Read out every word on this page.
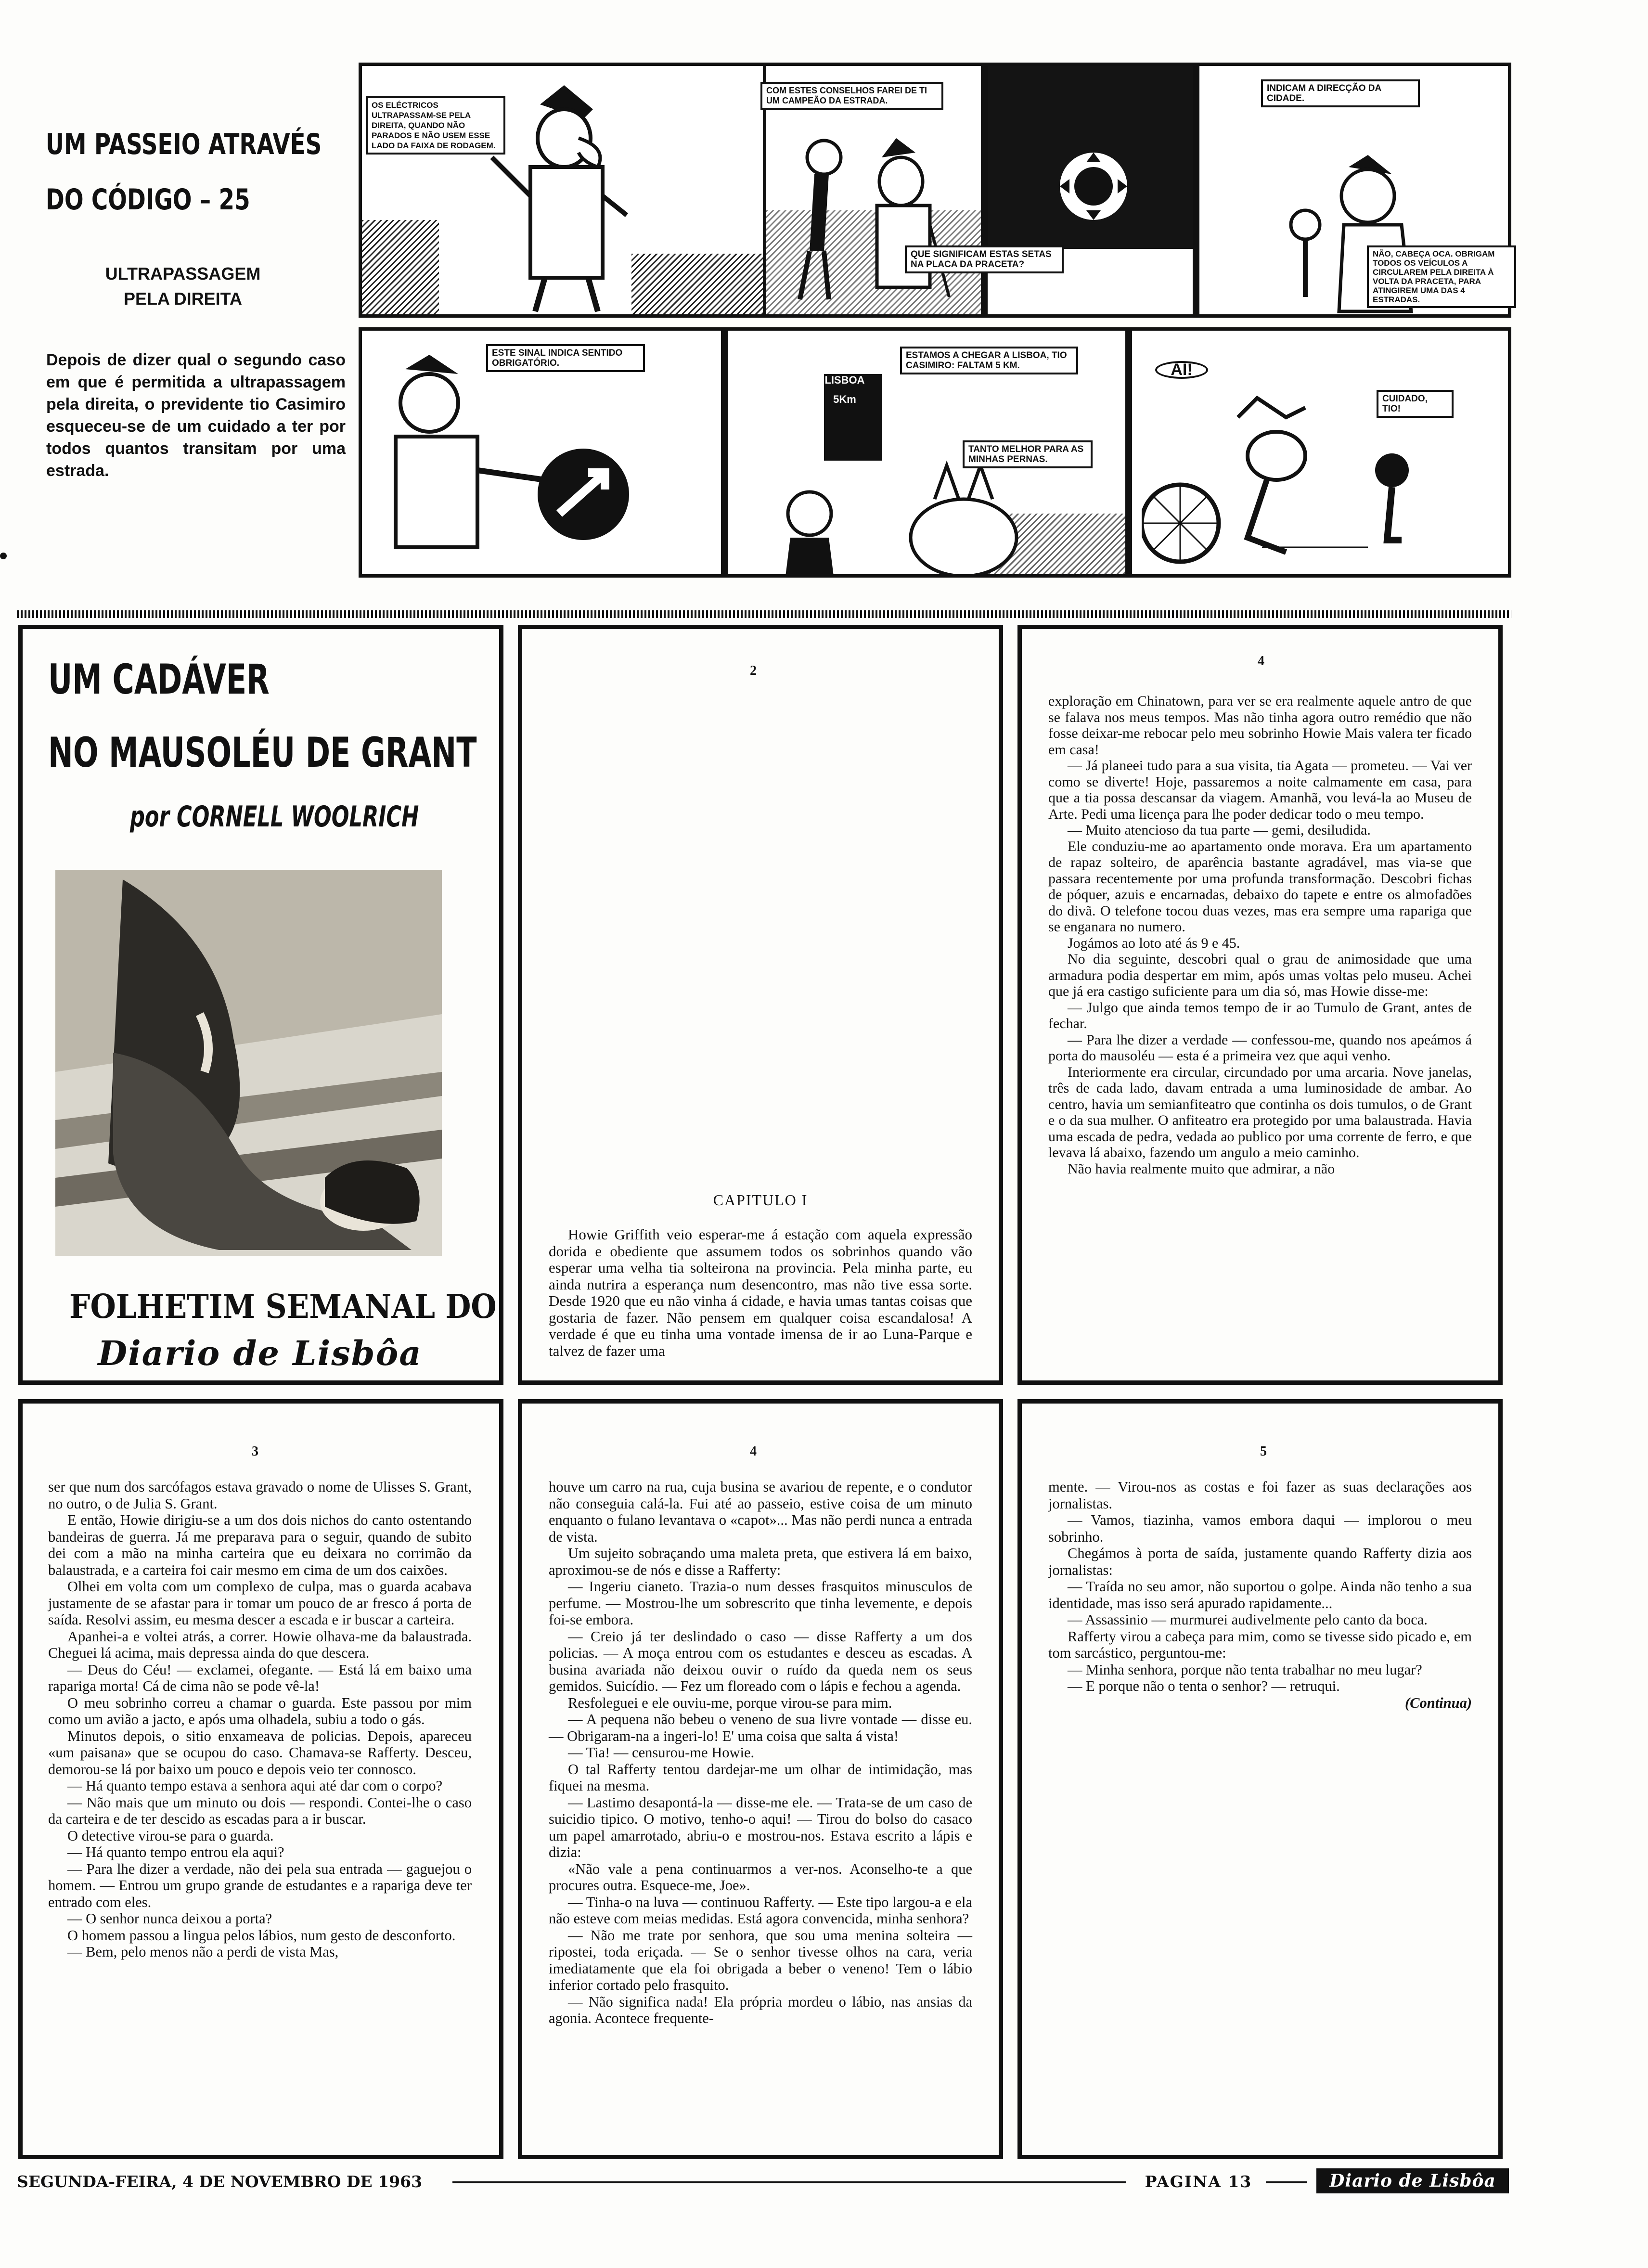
UM PASSEIO ATRAVÉS
DO CÓDIGO – 25
ULTRAPASSAGEM
PELA DIREITA
Depois de dizer qual o segundo caso em que é permitida a ultrapassagem pela direita, o previdente tio Casimiro esqueceu-se de um cuidado a ter por todos quantos transitam por uma estrada.
OS ELÉCTRICOS ULTRAPASSAM-SE PELA DIREITA, QUANDO NÃO PARADOS E NÃO USEM ESSE LADO DA FAIXA DE RODAGEM.
COM ESTES CONSELHOS FAREI DE TI UM CAMPEÃO DA ESTRADA.
QUE SIGNIFICAM ESTAS SETAS NA PLACA DA PRACETA?
INDICAM A DIRECÇÃO DA CIDADE.
NÃO, CABEÇA OCA. OBRIGAM TODOS OS VEÍCULOS A CIRCULAREM PELA DIREITA À VOLTA DA PRACETA, PARA ATINGIREM UMA DAS 4 ESTRADAS.
ESTE SINAL INDICA SENTIDO OBRIGATÓRIO.
LISBOA 5Km
ESTAMOS A CHEGAR A LISBOA, TIO CASIMIRO: FALTAM 5 KM.
TANTO MELHOR PARA AS MINHAS PERNAS.
AI!
CUIDADO, TIO!
UM CADÁVER
NO MAUSOLÉU DE GRANT
por CORNELL WOOLRICH
FOLHETIM SEMANAL DO
Diario de Lisbôa
2
CAPITULO I

Howie Griffith veio esperar-me á estação com aquela expressão dorida e obediente que assumem todos os sobrinhos quando vão esperar uma velha tia solteirona na provincia. Pela minha parte, eu ainda nutrira a esperança num desencontro, mas não tive essa sorte. Desde 1920 que eu não vinha á cidade, e havia umas tantas coisas que gostaria de fazer. Não pensem em qualquer coisa escandalosa! A verdade é que eu tinha uma vontade imensa de ir ao Luna-Parque e talvez de fazer uma

4

exploração em Chinatown, para ver se era realmente aquele antro de que se falava nos meus tempos. Mas não tinha agora outro remédio que não fosse deixar-me rebocar pelo meu sobrinho Howie Mais valera ter ficado em casa!

— Já planeei tudo para a sua visita, tia Agata — prometeu. — Vai ver como se diverte! Hoje, passaremos a noite calmamente em casa, para que a tia possa descansar da viagem. Amanhã, vou levá-la ao Museu de Arte. Pedi uma licença para lhe poder dedicar todo o meu tempo.

— Muito atencioso da tua parte — gemi, desiludida.

Ele conduziu-me ao apartamento onde morava. Era um apartamento de rapaz solteiro, de aparência bastante agradável, mas via-se que passara recentemente por uma profunda transformação. Descobri fichas de póquer, azuis e encarnadas, debaixo do tapete e entre os almofadões do divã. O telefone tocou duas vezes, mas era sempre uma rapariga que se enganara no numero.

Jogámos ao loto até ás 9 e 45.

No dia seguinte, descobri qual o grau de animosidade que uma armadura podia despertar em mim, após umas voltas pelo museu. Achei que já era castigo suficiente para um dia só, mas Howie disse-me:

— Julgo que ainda temos tempo de ir ao Tumulo de Grant, antes de fechar.

— Para lhe dizer a verdade — confessou-me, quando nos apeámos á porta do mausoléu — esta é a primeira vez que aqui venho.

Interiormente era circular, circundado por uma arcaria. Nove janelas, três de cada lado, davam entrada a uma luminosidade de ambar. Ao centro, havia um semianfiteatro que continha os dois tumulos, o de Grant e o da sua mulher. O anfiteatro era protegido por uma balaustrada. Havia uma escada de pedra, vedada ao publico por uma corrente de ferro, e que levava lá abaixo, fazendo um angulo a meio caminho.

Não havia realmente muito que admirar, a não

3

ser que num dos sarcófagos estava gravado o nome de Ulisses S. Grant, no outro, o de Julia S. Grant.

E então, Howie dirigiu-se a um dos dois nichos do canto ostentando bandeiras de guerra. Já me preparava para o seguir, quando de subito dei com a mão na minha carteira que eu deixara no corrimão da balaustrada, e a carteira foi cair mesmo em cima de um dos caixões.

Olhei em volta com um complexo de culpa, mas o guarda acabava justamente de se afastar para ir tomar um pouco de ar fresco á porta de saída. Resolvi assim, eu mesma descer a escada e ir buscar a carteira.

Apanhei-a e voltei atrás, a correr. Howie olhava-me da balaustrada. Cheguei lá acima, mais depressa ainda do que descera.

— Deus do Céu! — exclamei, ofegante. — Está lá em baixo uma rapariga morta! Cá de cima não se pode vê-la!

O meu sobrinho correu a chamar o guarda. Este passou por mim como um avião a jacto, e após uma olhadela, subiu a todo o gás.

Minutos depois, o sitio enxameava de policias. Depois, apareceu «um paisana» que se ocupou do caso. Chamava-se Rafferty. Desceu, demorou-se lá por baixo um pouco e depois veio ter connosco.

— Há quanto tempo estava a senhora aqui até dar com o corpo?

— Não mais que um minuto ou dois — respondi. Contei-lhe o caso da carteira e de ter descido as escadas para a ir buscar.

O detective virou-se para o guarda.

— Há quanto tempo entrou ela aqui?

— Para lhe dizer a verdade, não dei pela sua entrada — gaguejou o homem. — Entrou um grupo grande de estudantes e a rapariga deve ter entrado com eles.

— O senhor nunca deixou a porta?

O homem passou a lingua pelos lábios, num gesto de desconforto.

— Bem, pelo menos não a perdi de vista Mas,

4

houve um carro na rua, cuja busina se avariou de repente, e o condutor não conseguia calá-la. Fui até ao passeio, estive coisa de um minuto enquanto o fulano levantava o «capot»... Mas não perdi nunca a entrada de vista.

Um sujeito sobraçando uma maleta preta, que estivera lá em baixo, aproximou-se de nós e disse a Rafferty:

— Ingeriu cianeto. Trazia-o num desses frasquitos minusculos de perfume. — Mostrou-lhe um sobrescrito que tinha levemente, e depois foi-se embora.

— Creio já ter deslindado o caso — disse Rafferty a um dos policias. — A moça entrou com os estudantes e desceu as escadas. A busina avariada não deixou ouvir o ruído da queda nem os seus gemidos. Suicídio. — Fez um floreado com o lápis e fechou a agenda.

Resfoleguei e ele ouviu-me, porque virou-se para mim.

— A pequena não bebeu o veneno de sua livre vontade — disse eu. — Obrigaram-na a ingeri-lo! E' uma coisa que salta á vista!

— Tia! — censurou-me Howie.

O tal Rafferty tentou dardejar-me um olhar de intimidação, mas fiquei na mesma.

— Lastimo desapontá-la — disse-me ele. — Trata-se de um caso de suicidio tipico. O motivo, tenho-o aqui! — Tirou do bolso do casaco um papel amarrotado, abriu-o e mostrou-nos. Estava escrito a lápis e dizia:

«Não vale a pena continuarmos a ver-nos. Aconselho-te a que procures outra. Esquece-me, Joe».

— Tinha-o na luva — continuou Rafferty. — Este tipo largou-a e ela não esteve com meias medidas. Está agora convencida, minha senhora?

— Não me trate por senhora, que sou uma menina solteira — ripostei, toda eriçada. — Se o senhor tivesse olhos na cara, veria imediatamente que ela foi obrigada a beber o veneno! Tem o lábio inferior cortado pelo frasquito.

— Não significa nada! Ela própria mordeu o lábio, nas ansias da agonia. Acontece frequente-

5

mente. — Virou-nos as costas e foi fazer as suas declarações aos jornalistas.

— Vamos, tiazinha, vamos embora daqui — implorou o meu sobrinho.

Chegámos à porta de saída, justamente quando Rafferty dizia aos jornalistas:

— Traída no seu amor, não suportou o golpe. Ainda não tenho a sua identidade, mas isso será apurado rapidamente...

— Assassinio — murmurei audivelmente pelo canto da boca.

Rafferty virou a cabeça para mim, como se tivesse sido picado e, em tom sarcástico, perguntou-me:

— Minha senhora, porque não tenta trabalhar no meu lugar?

— E porque não o tenta o senhor? — retruqui.

(Continua)

SEGUNDA-FEIRA, 4 DE NOVEMBRO DE 1963	PAGINA 13	Diario de Lisbôa
